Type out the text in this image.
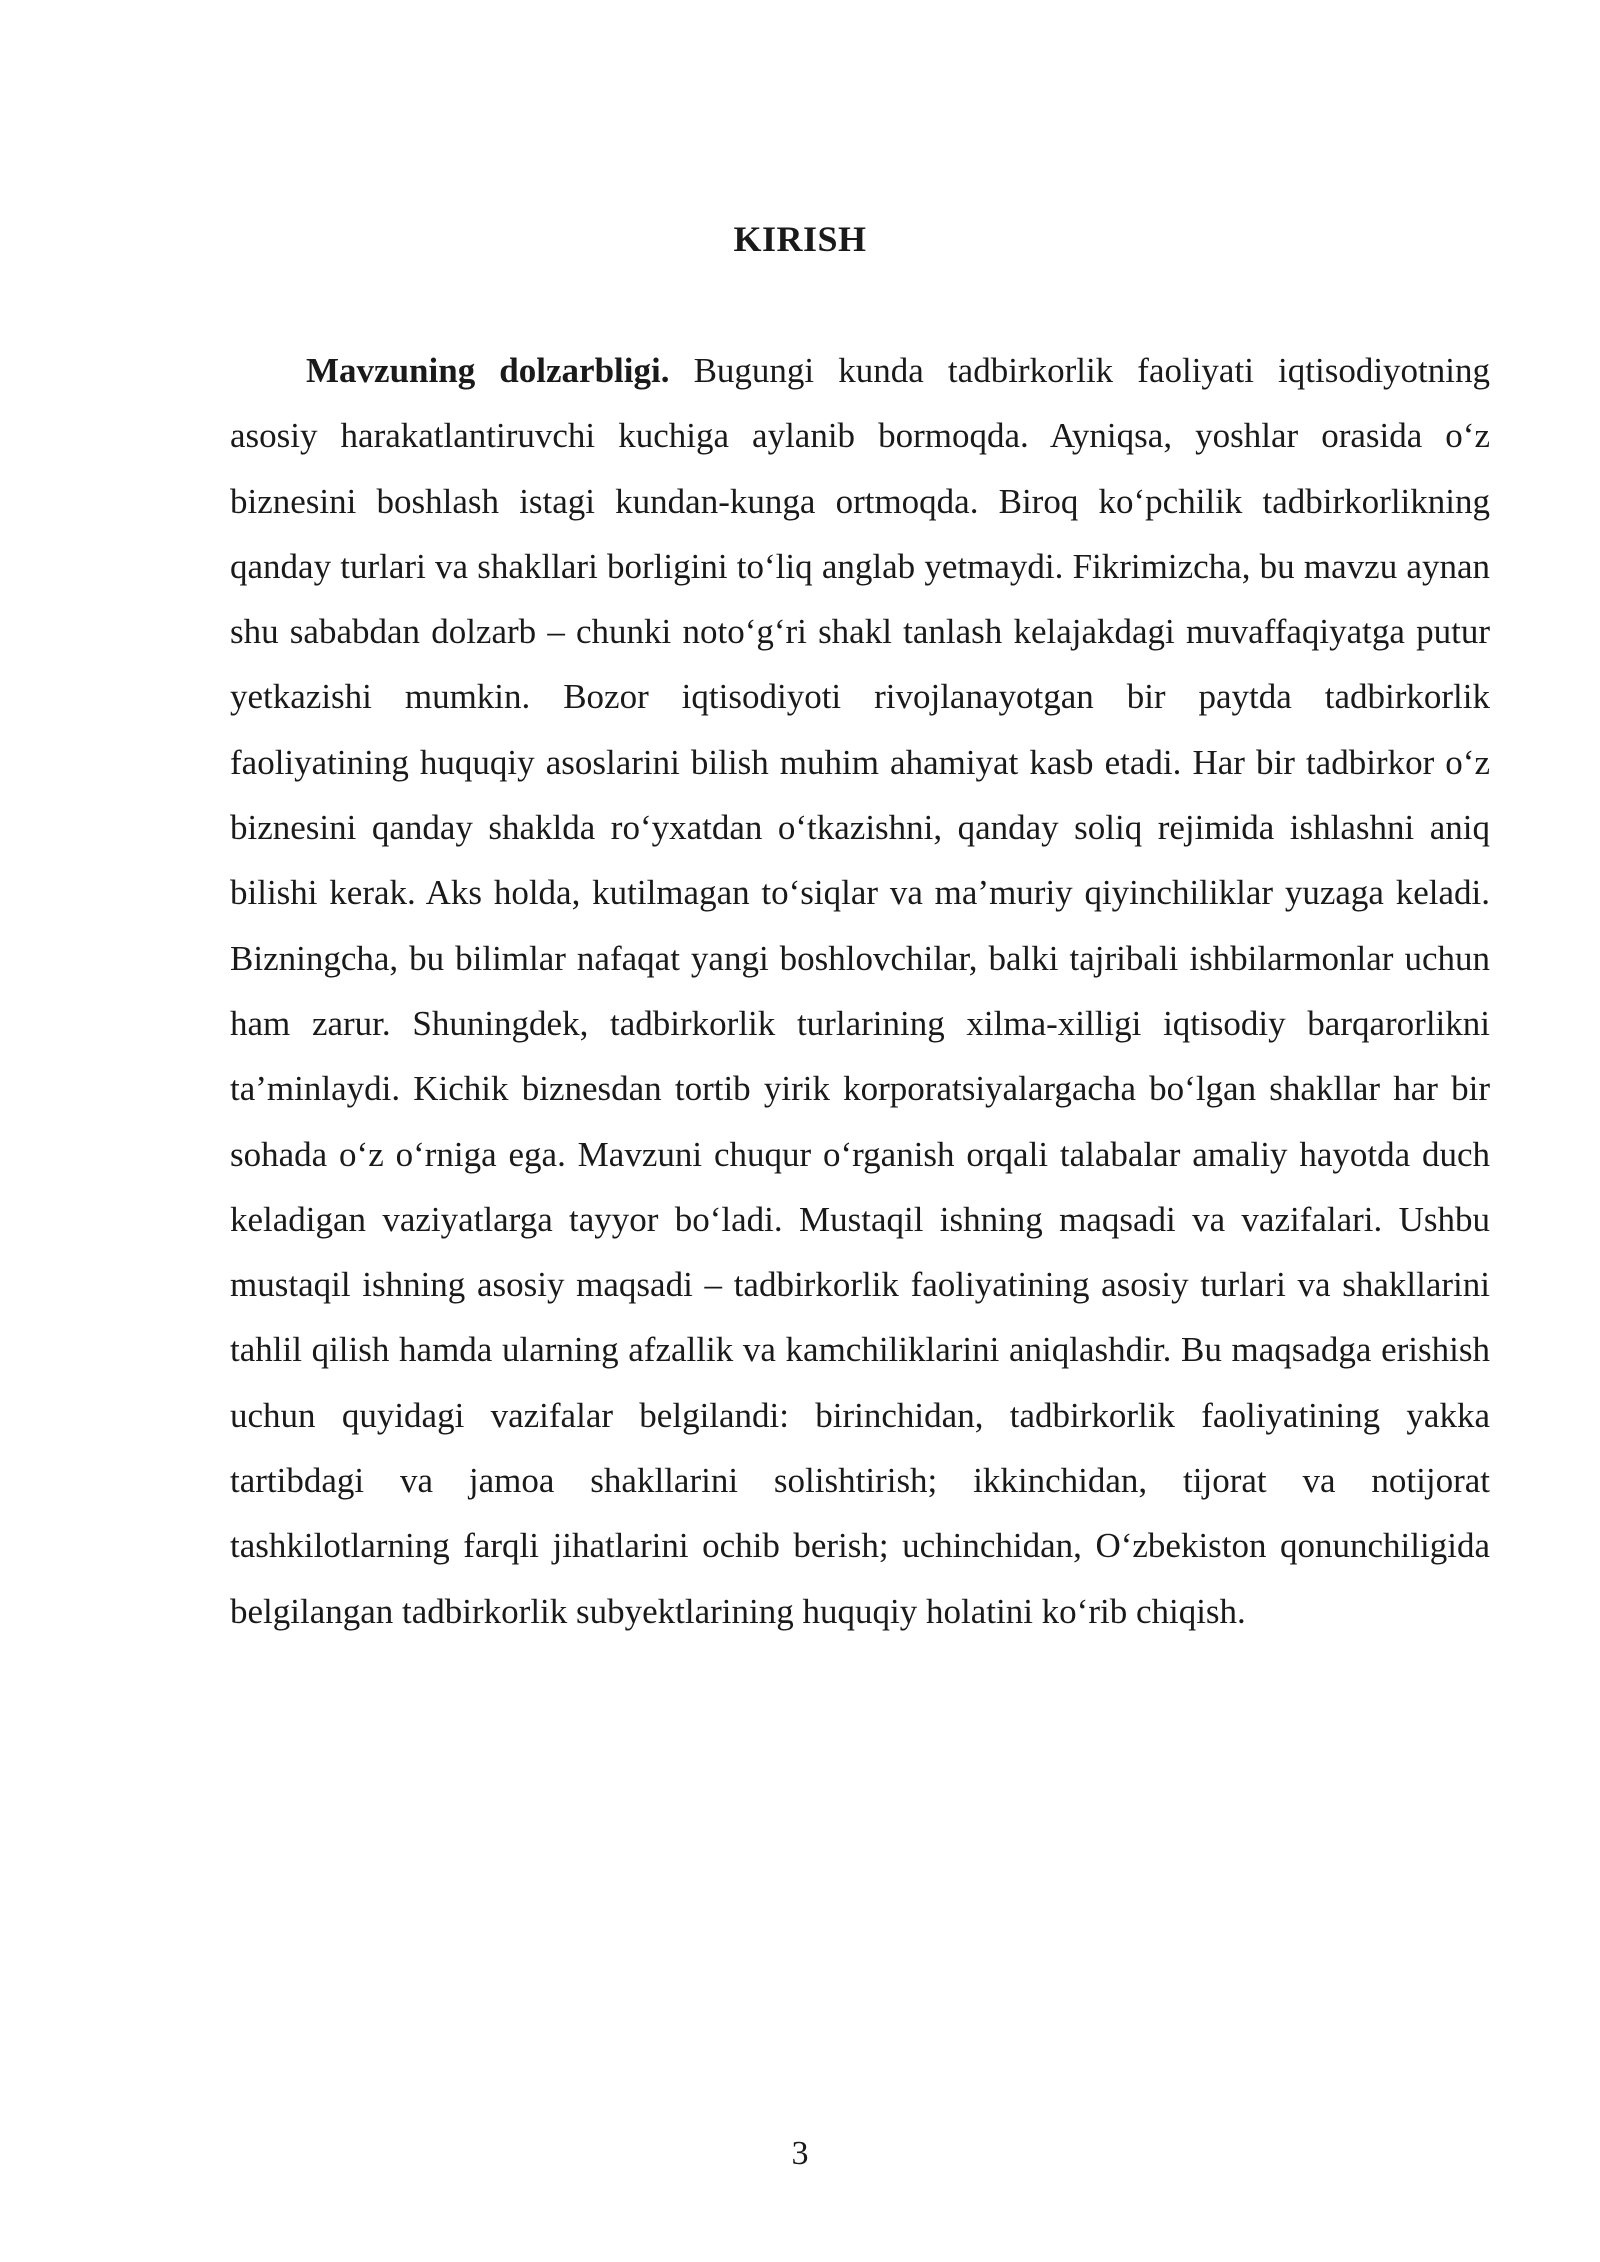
KIRISH

Mavzuning dolzarbligi. Bugungi kunda tadbirkorlik faoliyati iqtisodiyotning asosiy harakatlantiruvchi kuchiga aylanib bormoqda. Ayniqsa, yoshlar orasida o‘z biznesini boshlash istagi kundan-kunga ortmoqda. Biroq ko‘pchilik tadbirkorlikning qanday turlari va shakllari borligini to‘liq anglab yetmaydi. Fikrimizcha, bu mavzu aynan shu sababdan dolzarb – chunki noto‘g‘ri shakl tanlash kelajakdagi muvaffaqiyatga putur yetkazishi mumkin. Bozor iqtisodiyoti rivojlanayotgan bir paytda tadbirkorlik faoliyatining huquqiy asoslarini bilish muhim ahamiyat kasb etadi. Har bir tadbirkor o‘z biznesini qanday shaklda ro‘yxatdan o‘tkazishni, qanday soliq rejimida ishlashni aniq bilishi kerak. Aks holda, kutilmagan to‘siqlar va ma’muriy qiyinchiliklar yuzaga keladi. Bizningcha, bu bilimlar nafaqat yangi boshlovchilar, balki tajribali ishbilarmonlar uchun ham zarur. Shuningdek, tadbirkorlik turlarining xilma-xilligi iqtisodiy barqarorlikni ta’minlaydi. Kichik biznesdan tortib yirik korporatsiyalargacha bo‘lgan shakllar har bir sohada o‘z o‘rniga ega. Mavzuni chuqur o‘rganish orqali talabalar amaliy hayotda duch keladigan vaziyatlarga tayyor bo‘ladi. Mustaqil ishning maqsadi va vazifalari. Ushbu mustaqil ishning asosiy maqsadi – tadbirkorlik faoliyatining asosiy turlari va shakllarini tahlil qilish hamda ularning afzallik va kamchiliklarini aniqlashdir. Bu maqsadga erishish uchun quyidagi vazifalar belgilandi: birinchidan, tadbirkorlik faoliyatining yakka tartibdagi va jamoa shakllarini solishtirish; ikkinchidan, tijorat va notijorat tashkilotlarning farqli jihatlarini ochib berish; uchinchidan, O‘zbekiston qonunchiligida belgilangan tadbirkorlik subyektlarining huquqiy holatini ko‘rib chiqish.

3
